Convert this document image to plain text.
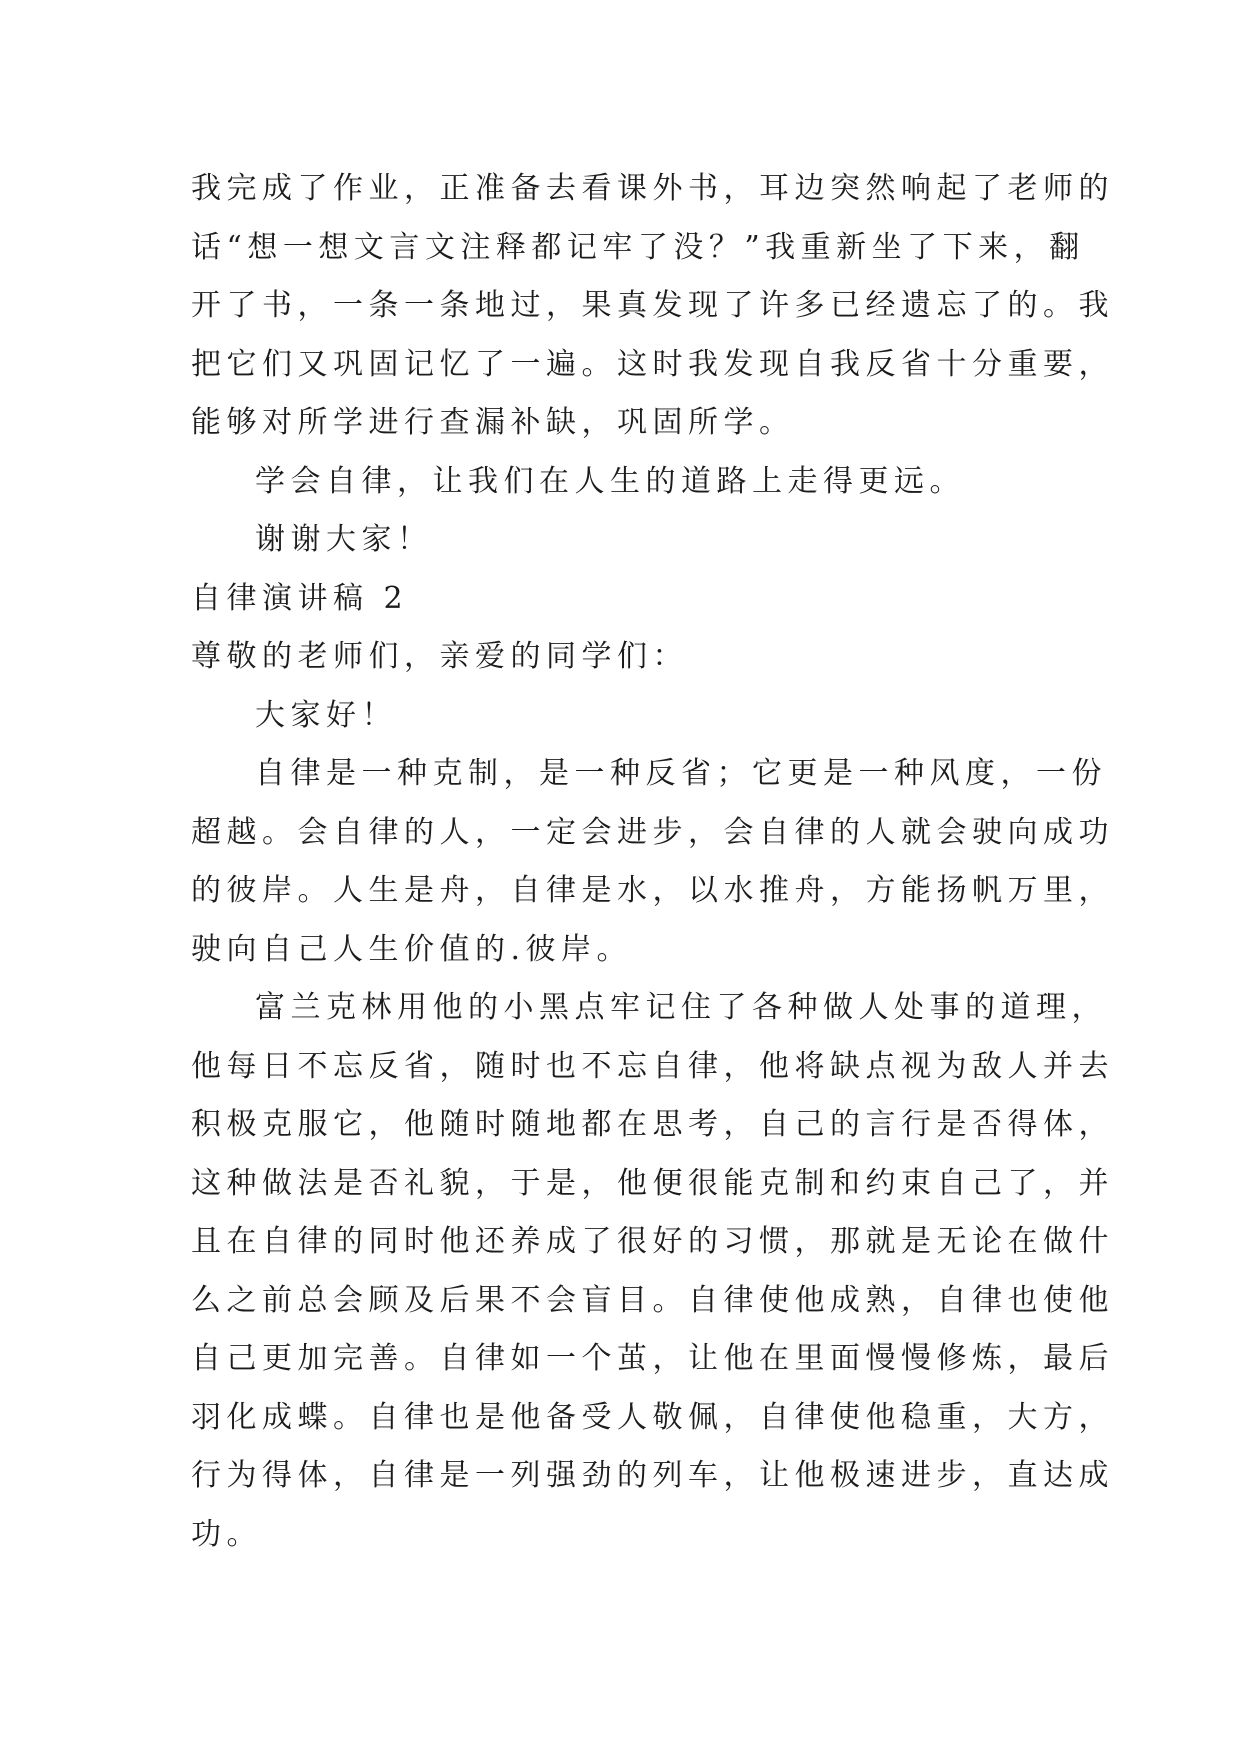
我完成了作业，正准备去看课外书，耳边突然响起了老师的
话“想一想文言文注释都记牢了没？”我重新坐了下来，翻
开了书，一条一条地过，果真发现了许多已经遗忘了的。我
把它们又巩固记忆了一遍。这时我发现自我反省十分重要，
能够对所学进行查漏补缺，巩固所学。
学会自律，让我们在人生的道路上走得更远。
谢谢大家！
自律演讲稿 2
尊敬的老师们，亲爱的同学们：
大家好！
自律是一种克制，是一种反省；它更是一种风度，一份
超越。会自律的人，一定会进步，会自律的人就会驶向成功
的彼岸。人生是舟，自律是水，以水推舟，方能扬帆万里，
驶向自己人生价值的.彼岸。
富兰克林用他的小黑点牢记住了各种做人处事的道理，
他每日不忘反省，随时也不忘自律，他将缺点视为敌人并去
积极克服它，他随时随地都在思考，自己的言行是否得体，
这种做法是否礼貌，于是，他便很能克制和约束自己了，并
且在自律的同时他还养成了很好的习惯，那就是无论在做什
么之前总会顾及后果不会盲目。自律使他成熟，自律也使他
自己更加完善。自律如一个茧，让他在里面慢慢修炼，最后
羽化成蝶。自律也是他备受人敬佩，自律使他稳重，大方，
行为得体，自律是一列强劲的列车，让他极速进步，直达成
功。
